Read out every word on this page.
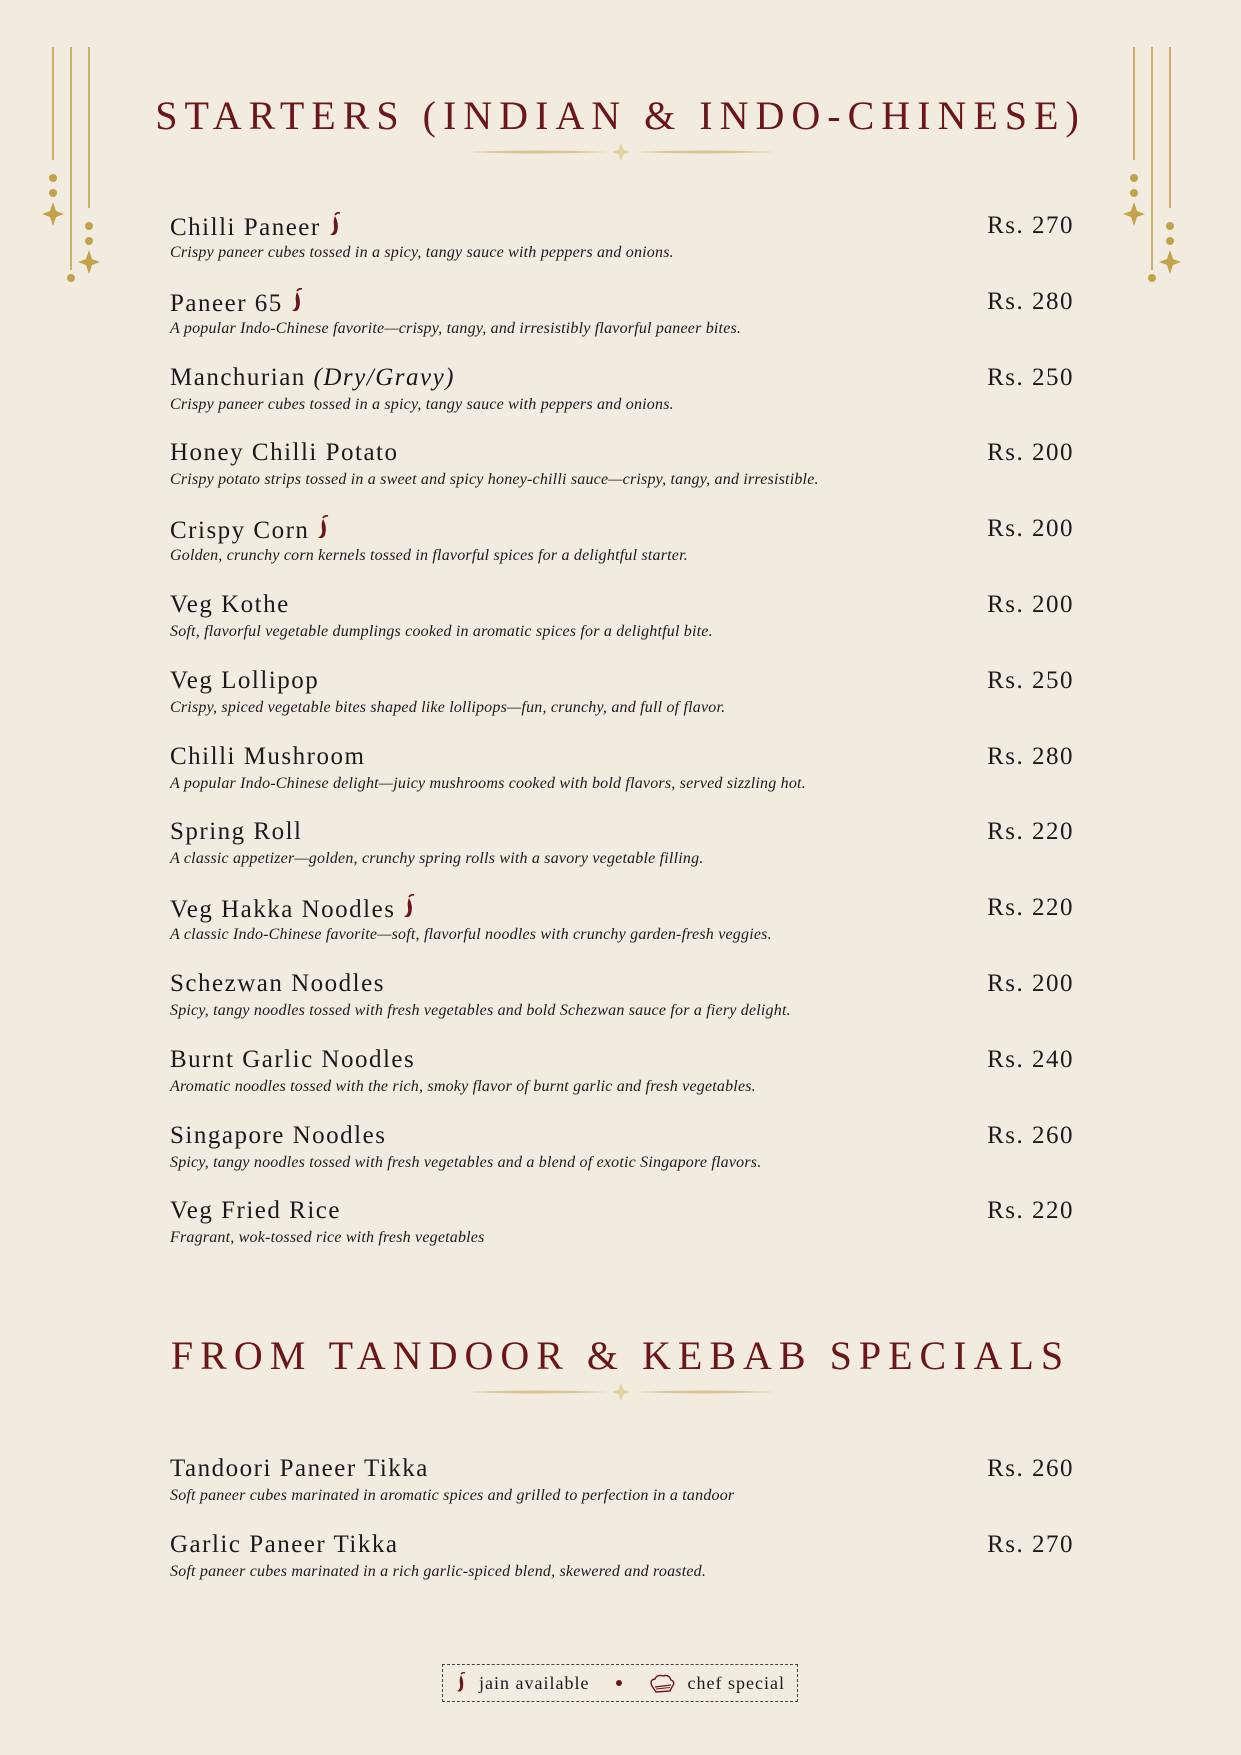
STARTERS (INDIAN & INDO-CHINESE)
Chilli Paneer	Rs. 270
Crispy paneer cubes tossed in a spicy, tangy sauce with peppers and onions.
Paneer 65	Rs. 280
A popular Indo-Chinese favorite—crispy, tangy, and irresistibly flavorful paneer bites.
Manchurian (Dry/Gravy)	Rs. 250
Crispy paneer cubes tossed in a spicy, tangy sauce with peppers and onions.
Honey Chilli Potato	Rs. 200
Crispy potato strips tossed in a sweet and spicy honey-chilli sauce—crispy, tangy, and irresistible.
Crispy Corn	Rs. 200
Golden, crunchy corn kernels tossed in flavorful spices for a delightful starter.
Veg Kothe	Rs. 200
Soft, flavorful vegetable dumplings cooked in aromatic spices for a delightful bite.
Veg Lollipop	Rs. 250
Crispy, spiced vegetable bites shaped like lollipops—fun, crunchy, and full of flavor.
Chilli Mushroom	Rs. 280
A popular Indo-Chinese delight—juicy mushrooms cooked with bold flavors, served sizzling hot.
Spring Roll	Rs. 220
A classic appetizer—golden, crunchy spring rolls with a savory vegetable filling.
Veg Hakka Noodles	Rs. 220
A classic Indo-Chinese favorite—soft, flavorful noodles with crunchy garden-fresh veggies.
Schezwan Noodles	Rs. 200
Spicy, tangy noodles tossed with fresh vegetables and bold Schezwan sauce for a fiery delight.
Burnt Garlic Noodles	Rs. 240
Aromatic noodles tossed with the rich, smoky flavor of burnt garlic and fresh vegetables.
Singapore Noodles	Rs. 260
Spicy, tangy noodles tossed with fresh vegetables and a blend of exotic Singapore flavors.
Veg Fried Rice	Rs. 220
Fragrant, wok-tossed rice with fresh vegetables
FROM TANDOOR & KEBAB SPECIALS
Tandoori Paneer Tikka	Rs. 260
Soft paneer cubes marinated in aromatic spices and grilled to perfection in a tandoor
Garlic Paneer Tikka	Rs. 270
Soft paneer cubes marinated in a rich garlic-spiced blend, skewered and roasted.
jain available	chef special
